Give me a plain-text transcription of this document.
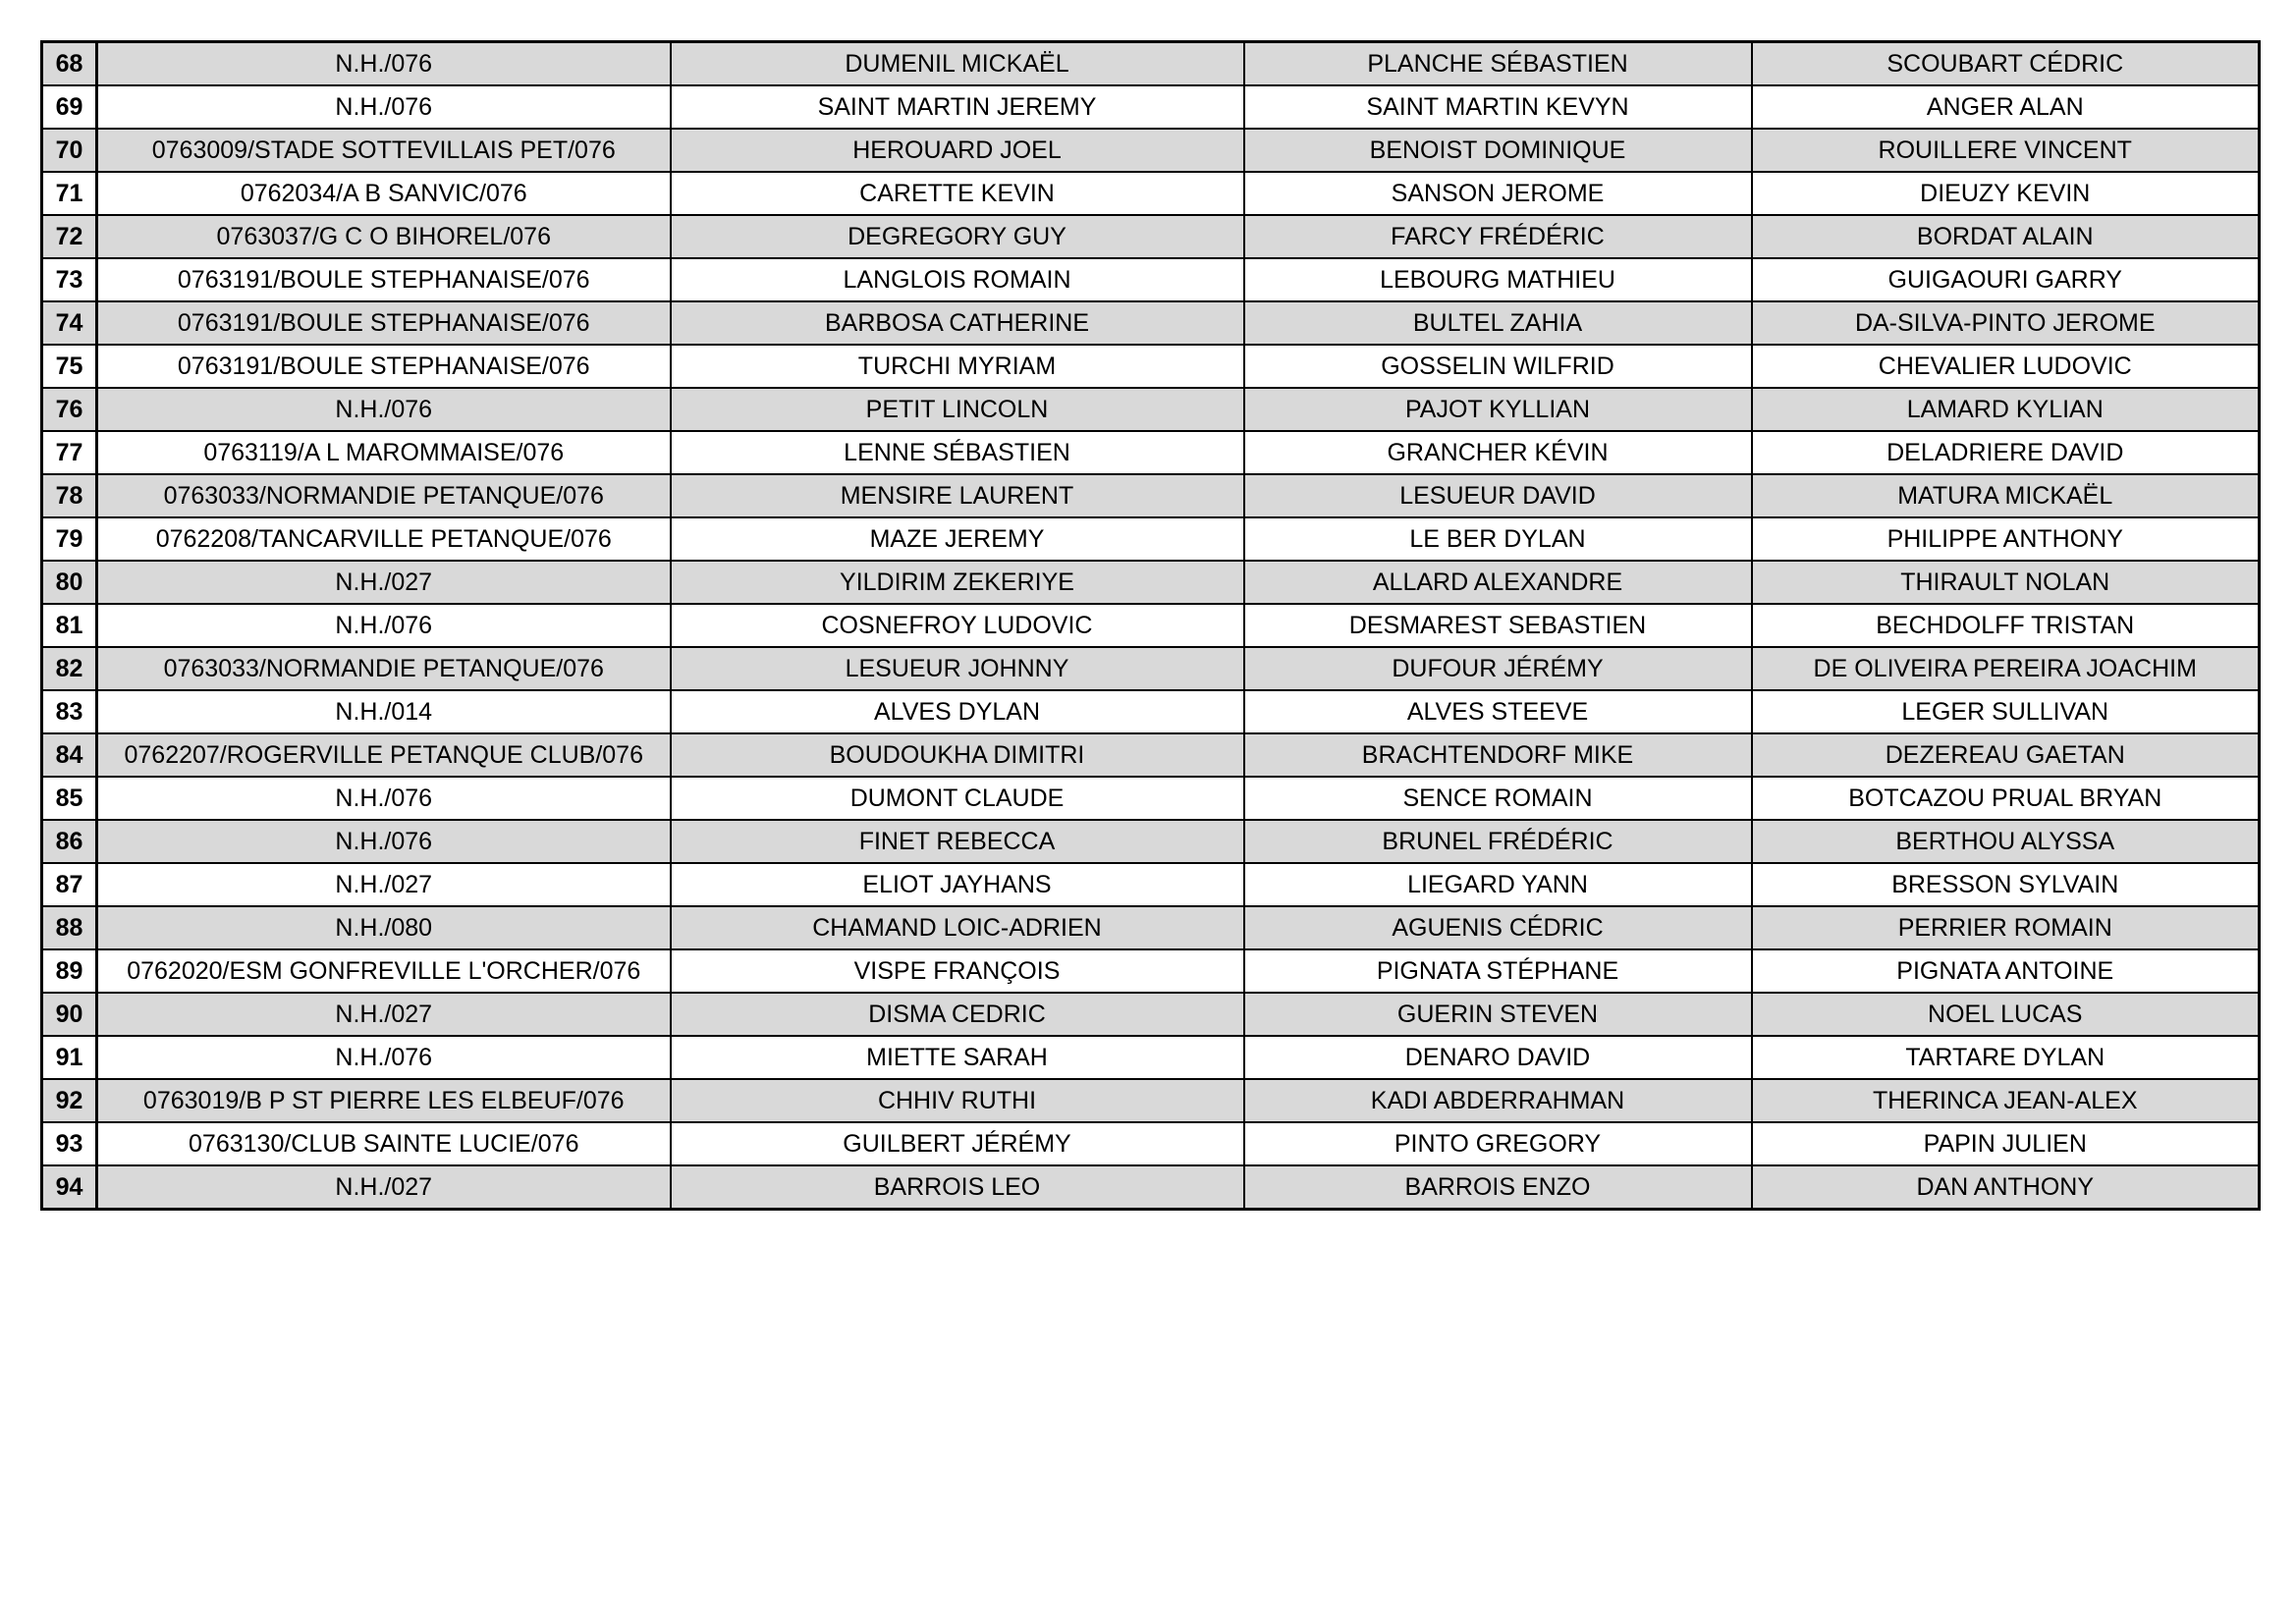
68	N.H./076	DUMENIL MICKAËL	PLANCHE SÉBASTIEN	SCOUBART CÉDRIC
69	N.H./076	SAINT MARTIN JEREMY	SAINT MARTIN KEVYN	ANGER ALAN
70	0763009/STADE SOTTEVILLAIS PET/076	HEROUARD JOEL	BENOIST DOMINIQUE	ROUILLERE VINCENT
71	0762034/A B SANVIC/076	CARETTE KEVIN	SANSON JEROME	DIEUZY KEVIN
72	0763037/G C O BIHOREL/076	DEGREGORY GUY	FARCY FRÉDÉRIC	BORDAT ALAIN
73	0763191/BOULE STEPHANAISE/076	LANGLOIS ROMAIN	LEBOURG MATHIEU	GUIGAOURI GARRY
74	0763191/BOULE STEPHANAISE/076	BARBOSA CATHERINE	BULTEL ZAHIA	DA-SILVA-PINTO JEROME
75	0763191/BOULE STEPHANAISE/076	TURCHI MYRIAM	GOSSELIN WILFRID	CHEVALIER LUDOVIC
76	N.H./076	PETIT LINCOLN	PAJOT KYLLIAN	LAMARD KYLIAN
77	0763119/A L MAROMMAISE/076	LENNE SÉBASTIEN	GRANCHER KÉVIN	DELADRIERE DAVID
78	0763033/NORMANDIE PETANQUE/076	MENSIRE LAURENT	LESUEUR DAVID	MATURA MICKAËL
79	0762208/TANCARVILLE PETANQUE/076	MAZE JEREMY	LE BER DYLAN	PHILIPPE ANTHONY
80	N.H./027	YILDIRIM ZEKERIYE	ALLARD ALEXANDRE	THIRAULT NOLAN
81	N.H./076	COSNEFROY LUDOVIC	DESMAREST SEBASTIEN	BECHDOLFF TRISTAN
82	0763033/NORMANDIE PETANQUE/076	LESUEUR JOHNNY	DUFOUR JÉRÉMY	DE OLIVEIRA PEREIRA JOACHIM
83	N.H./014	ALVES DYLAN	ALVES STEEVE	LEGER SULLIVAN
84	0762207/ROGERVILLE PETANQUE CLUB/076	BOUDOUKHA DIMITRI	BRACHTENDORF MIKE	DEZEREAU GAETAN
85	N.H./076	DUMONT CLAUDE	SENCE ROMAIN	BOTCAZOU PRUAL BRYAN
86	N.H./076	FINET REBECCA	BRUNEL FRÉDÉRIC	BERTHOU ALYSSA
87	N.H./027	ELIOT JAYHANS	LIEGARD YANN	BRESSON SYLVAIN
88	N.H./080	CHAMAND LOIC-ADRIEN	AGUENIS CÉDRIC	PERRIER ROMAIN
89	0762020/ESM GONFREVILLE L'ORCHER/076	VISPE FRANÇOIS	PIGNATA STÉPHANE	PIGNATA ANTOINE
90	N.H./027	DISMA CEDRIC	GUERIN STEVEN	NOEL LUCAS
91	N.H./076	MIETTE SARAH	DENARO DAVID	TARTARE DYLAN
92	0763019/B P ST PIERRE LES ELBEUF/076	CHHIV RUTHI	KADI ABDERRAHMAN	THERINCA JEAN-ALEX
93	0763130/CLUB SAINTE LUCIE/076	GUILBERT JÉRÉMY	PINTO GREGORY	PAPIN JULIEN
94	N.H./027	BARROIS LEO	BARROIS ENZO	DAN ANTHONY
